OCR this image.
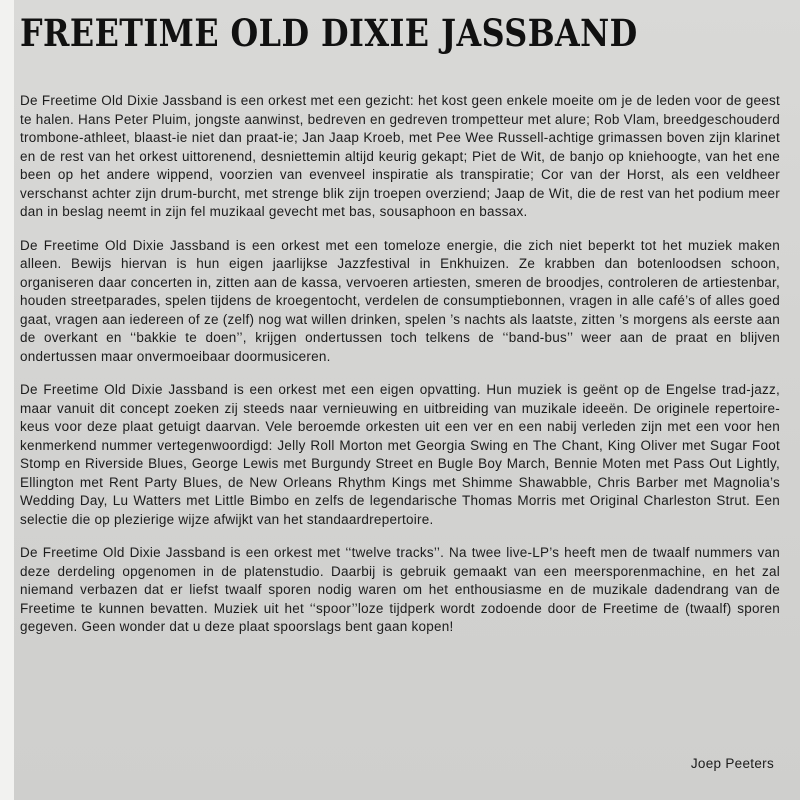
FREETIME OLD DIXIE JASSBAND

De Freetime Old Dixie Jassband is een orkest met een gezicht: het kost geen enkele moeite om je de leden voor de geest te halen. Hans Peter Pluim, jongste aanwinst, bedreven en gedreven trompetteur met alure; Rob Vlam, breedgeschouderd trombone-athleet, blaast-ie niet dan praat-ie; Jan Jaap Kroeb, met Pee Wee Russell-achtige grimassen boven zijn klarinet en de rest van het orkest uittorenend, desniettemin altijd keurig gekapt; Piet de Wit, de banjo op kniehoogte, van het ene been op het andere wippend, voorzien van evenveel inspiratie als transpiratie; Cor van der Horst, als een veldheer verschanst achter zijn drum-burcht, met strenge blik zijn troepen overziend; Jaap de Wit, die de rest van het podium meer dan in beslag neemt in zijn fel muzikaal gevecht met bas, sousaphoon en bassax.

De Freetime Old Dixie Jassband is een orkest met een tomeloze energie, die zich niet beperkt tot het muziek maken alleen. Bewijs hiervan is hun eigen jaarlijkse Jazzfestival in Enkhuizen. Ze krabben dan botenloodsen schoon, organiseren daar concerten in, zitten aan de kassa, vervoeren artiesten, smeren de broodjes, controleren de artiestenbar, houden streetparades, spelen tijdens de kroegentocht, verdelen de consumptiebonnen, vragen in alle café’s of alles goed gaat, vragen aan iedereen of ze (zelf) nog wat willen drinken, spelen ’s nachts als laatste, zitten ’s morgens als eerste aan de overkant en ‘‘bakkie te doen’’, krijgen ondertussen toch telkens de ‘‘band-bus’’ weer aan de praat en blijven ondertussen maar onvermoeibaar doormusiceren.

De Freetime Old Dixie Jassband is een orkest met een eigen opvatting. Hun muziek is geënt op de Engelse trad-jazz, maar vanuit dit concept zoeken zij steeds naar vernieuwing en uitbreiding van muzikale ideeën. De originele repertoire-keus voor deze plaat getuigt daarvan. Vele beroemde orkesten uit een ver en een nabij verleden zijn met een voor hen kenmerkend nummer vertegenwoordigd: Jelly Roll Morton met Georgia Swing en The Chant, King Oliver met Sugar Foot Stomp en Riverside Blues, George Lewis met Burgundy Street en Bugle Boy March, Bennie Moten met Pass Out Lightly, Ellington met Rent Party Blues, de New Orleans Rhythm Kings met Shimme Shawabble, Chris Barber met Magnolia’s Wedding Day, Lu Watters met Little Bimbo en zelfs de legendarische Thomas Morris met Original Charleston Strut. Een selectie die op plezierige wijze afwijkt van het standaardrepertoire.

De Freetime Old Dixie Jassband is een orkest met ‘‘twelve tracks’’. Na twee live-LP’s heeft men de twaalf nummers van deze derdeling opgenomen in de platenstudio. Daarbij is gebruik gemaakt van een meersporenmachine, en het zal niemand verbazen dat er liefst twaalf sporen nodig waren om het enthousiasme en de muzikale dadendrang van de Freetime te kunnen bevatten. Muziek uit het ‘‘spoor’’loze tijdperk wordt zodoende door de Freetime de (twaalf) sporen gegeven. Geen wonder dat u deze plaat spoorslags bent gaan kopen!

Joep Peeters
